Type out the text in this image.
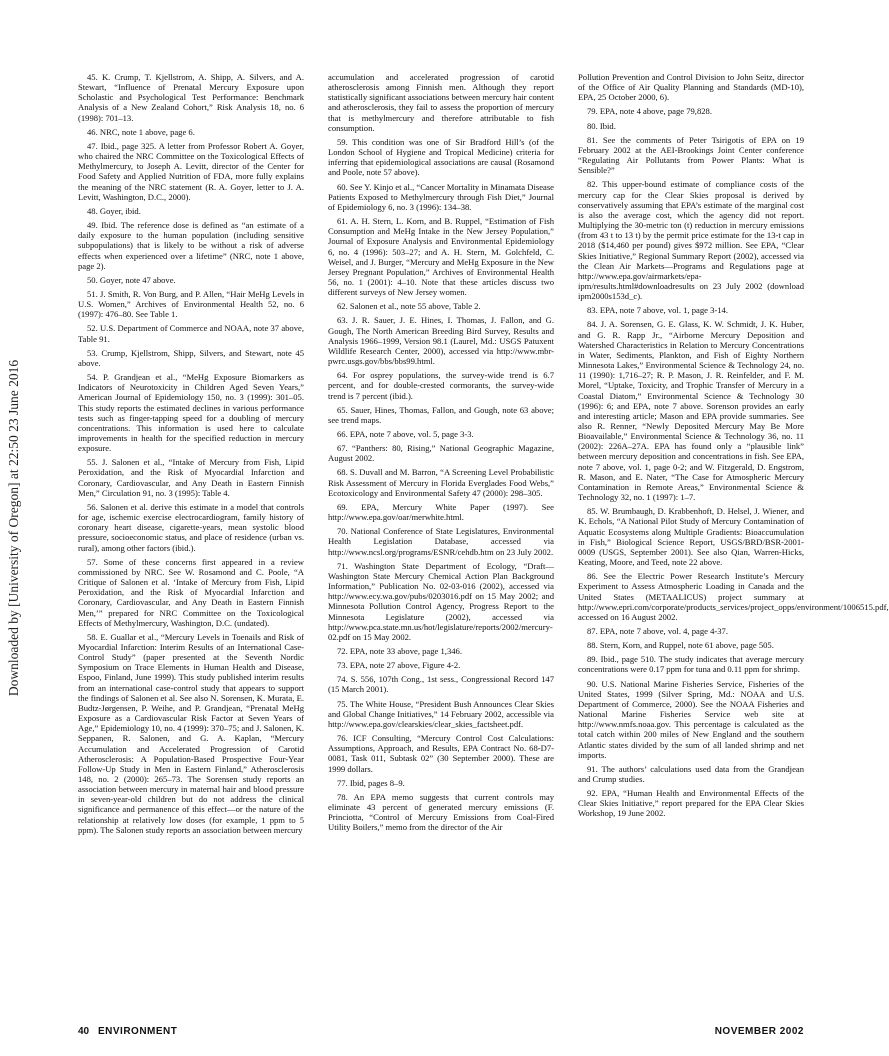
Downloaded by [University of Oregon] at 22:50 23 June 2016

45. K. Crump, T. Kjellstrom, A. Shipp, A. Silvers, and A. Stewart, “Influence of Prenatal Mercury Exposure upon Scholastic and Psychological Test Performance: Benchmark Analysis of a New Zealand Cohort,” Risk Analysis 18, no. 6 (1998): 701–13.

46. NRC, note 1 above, page 6.

47. Ibid., page 325. A letter from Professor Robert A. Goyer, who chaired the NRC Committee on the Toxicological Effects of Methylmercury, to Joseph A. Levitt, director of the Center for Food Safety and Applied Nutrition of FDA, more fully explains the meaning of the NRC statement (R. A. Goyer, letter to J. A. Levitt, Washington, D.C., 2000).

48. Goyer, ibid.

49. Ibid. The reference dose is defined as “an estimate of a daily exposure to the human population (including sensitive subpopulations) that is likely to be without a risk of adverse effects when experienced over a lifetime” (NRC, note 1 above, page 2).

50. Goyer, note 47 above.

51. J. Smith, R. Von Burg, and P. Allen, “Hair MeHg Levels in U.S. Women,” Archives of Environmental Health 52, no. 6 (1997): 476–80. See Table 1.

52. U.S. Department of Commerce and NOAA, note 37 above, Table 91.

53. Crump, Kjellstrom, Shipp, Silvers, and Stewart, note 45 above.

54. P. Grandjean et al., “MeHg Exposure Biomarkers as Indicators of Neurotoxicity in Children Aged Seven Years,” American Journal of Epidemiology 150, no. 3 (1999): 301–05. This study reports the estimated declines in various performance tests such as finger-tapping speed for a doubling of mercury concentrations. This information is used here to calculate improvements in health for the specified reduction in mercury exposure.

55. J. Salonen et al., “Intake of Mercury from Fish, Lipid Peroxidation, and the Risk of Myocardial Infarction and Coronary, Cardiovascular, and Any Death in Eastern Finnish Men,” Circulation 91, no. 3 (1995): Table 4.

56. Salonen et al. derive this estimate in a model that controls for age, ischemic exercise electrocardiogram, family history of coronary heart disease, cigarette-years, mean systolic blood pressure, socioeconomic status, and place of residence (urban vs. rural), among other factors (ibid.).

57. Some of these concerns first appeared in a review commissioned by NRC. See W. Rosamond and C. Poole, “A Critique of Salonen et al. ‘Intake of Mercury from Fish, Lipid Peroxidation, and the Risk of Myocardial Infarction and Coronary, Cardiovascular, and Any Death in Eastern Finnish Men,’” prepared for NRC Committee on the Toxicological Effects of Methylmercury, Washington, D.C. (undated).

58. E. Guallar et al., “Mercury Levels in Toenails and Risk of Myocardial Infarction: Interim Results of an International Case-Control Study” (paper presented at the Seventh Nordic Symposium on Trace Elements in Human Health and Disease, Espoo, Finland, June 1999). This study published interim results from an international case-control study that appears to support the findings of Salonen et al. See also N. Sorensen, K. Murata, E. Budtz-Jørgensen, P. Weihe, and P. Grandjean, “Prenatal MeHg Exposure as a Cardiovascular Risk Factor at Seven Years of Age,” Epidemiology 10, no. 4 (1999): 370–75; and J. Salonen, K. Seppanen, R. Salonen, and G. A. Kaplan, “Mercury Accumulation and Accelerated Progression of Carotid Atherosclerosis: A Population-Based Prospective Four-Year Follow-Up Study in Men in Eastern Finland,” Atherosclerosis 148, no. 2 (2000): 265–73. The Sorensen study reports an association between mercury in maternal hair and blood pressure in seven-year-old children but do not address the clinical significance and permanence of this effect—or the nature of the relationship at relatively low doses (for example, 1 ppm to 5 ppm). The Salonen study reports an association between mercury

accumulation and accelerated progression of carotid atherosclerosis among Finnish men. Although they report statistically significant associations between mercury hair content and atherosclerosis, they fail to assess the proportion of mercury that is methylmercury and therefore attributable to fish consumption.

59. This condition was one of Sir Bradford Hill’s (of the London School of Hygiene and Tropical Medicine) criteria for inferring that epidemiological associations are causal (Rosamond and Poole, note 57 above).

60. See Y. Kinjo et al., “Cancer Mortality in Minamata Disease Patients Exposed to Methylmercury through Fish Diet,” Journal of Epidemiology 6, no. 3 (1996): 134–38.

61. A. H. Stern, L. Korn, and B. Ruppel, “Estimation of Fish Consumption and MeHg Intake in the New Jersey Population,” Journal of Exposure Analysis and Environmental Epidemiology 6, no. 4 (1996): 503–27; and A. H. Stern, M. Golchfeld, C. Weisel, and J. Burger, “Mercury and MeHg Exposure in the New Jersey Pregnant Population,” Archives of Environmental Health 56, no. 1 (2001): 4–10. Note that these articles discuss two different surveys of New Jersey women.

62. Salonen et al., note 55 above, Table 2.

63. J. R. Sauer, J. E. Hines, I. Thomas, J. Fallon, and G. Gough, The North American Breeding Bird Survey, Results and Analysis 1966–1999, Version 98.1 (Laurel, Md.: USGS Patuxent Wildlife Research Center, 2000), accessed via http://www.mbr-pwrc.usgs.gov/bbs/bbs99.html.

64. For osprey populations, the survey-wide trend is 6.7 percent, and for double-crested cormorants, the survey-wide trend is 7 percent (ibid.).

65. Sauer, Hines, Thomas, Fallon, and Gough, note 63 above; see trend maps.

66. EPA, note 7 above, vol. 5, page 3-3.

67. “Panthers: 80, Rising,” National Geographic Magazine, August 2002.

68. S. Duvall and M. Barron, “A Screening Level Probabilistic Risk Assessment of Mercury in Florida Everglades Food Webs,” Ecotoxicology and Environmental Safety 47 (2000): 298–305.

69. EPA, Mercury White Paper (1997). See http://www.epa.gov/oar/merwhite.html.

70. National Conference of State Legislatures, Environmental Health Legislation Database, accessed via http://www.ncsl.org/programs/ESNR/cehdb.htm on 23 July 2002.

71. Washington State Department of Ecology, “Draft—Washington State Mercury Chemical Action Plan Background Information,” Publication No. 02-03-016 (2002), accessed via http://www.ecy.wa.gov/pubs/0203016.pdf on 15 May 2002; and Minnesota Pollution Control Agency, Progress Report to the Minnesota Legislature (2002), accessed via http://www.pca.state.mn.us/hot/legislature/reports/2002/mercury-02.pdf on 15 May 2002.

72. EPA, note 33 above, page 1,346.

73. EPA, note 27 above, Figure 4-2.

74. S. 556, 107th Cong., 1st sess., Congressional Record 147 (15 March 2001).

75. The White House, “President Bush Announces Clear Skies and Global Change Initiatives,” 14 February 2002, accessible via http://www.epa.gov/clearskies/clear_skies_factsheet.pdf.

76. ICF Consulting, “Mercury Control Cost Calculations: Assumptions, Approach, and Results, EPA Contract No. 68-D7-0081, Task 011, Subtask 02” (30 September 2000). These are 1999 dollars.

77. Ibid, pages 8–9.

78. An EPA memo suggests that current controls may eliminate 43 percent of generated mercury emissions (F. Princiotta, “Control of Mercury Emissions from Coal-Fired Utility Boilers,” memo from the director of the Air

Pollution Prevention and Control Division to John Seitz, director of the Office of Air Quality Planning and Standards (MD-10), EPA, 25 October 2000, 6).

79. EPA, note 4 above, page 79,828.

80. Ibid.

81. See the comments of Peter Tsirigotis of EPA on 19 February 2002 at the AEI-Brookings Joint Center conference “Regulating Air Pollutants from Power Plants: What is Sensible?”

82. This upper-bound estimate of compliance costs of the mercury cap for the Clear Skies proposal is derived by conservatively assuming that EPA’s estimate of the marginal cost is also the average cost, which the agency did not report. Multiplying the 30-metric ton (t) reduction in mercury emissions (from 43 t to 13 t) by the permit price estimate for the 13-t cap in 2018 ($14,460 per pound) gives $972 million. See EPA, “Clear Skies Initiative,” Regional Summary Report (2002), accessed via the Clean Air Markets—Programs and Regulations page at http://www.epa.gov/airmarkets/epa-ipm/results.html#downloadresults on 23 July 2002 (download ipm2000s153d_c).

83. EPA, note 7 above, vol. 1, page 3-14.

84. J. A. Sorensen, G. E. Glass, K. W. Schmidt, J. K. Huber, and G. R. Rapp Jr., “Airborne Mercury Deposition and Watershed Characteristics in Relation to Mercury Concentrations in Water, Sediments, Plankton, and Fish of Eighty Northern Minnesota Lakes,” Environmental Science & Technology 24, no. 11 (1990): 1,716–27; R. P. Mason, J. R. Reinfelder, and F. M. Morel, “Uptake, Toxicity, and Trophic Transfer of Mercury in a Coastal Diatom,” Environmental Science & Technology 30 (1996): 6; and EPA, note 7 above. Sorenson provides an early and interesting article; Mason and EPA provide summaries. See also R. Renner, “Newly Deposited Mercury May Be More Bioavailable,” Environmental Science & Technology 36, no. 11 (2002): 226A–27A. EPA has found only a “plausible link” between mercury deposition and concentrations in fish. See EPA, note 7 above, vol. 1, page 0-2; and W. Fitzgerald, D. Engstrom, R. Mason, and E. Nater, “The Case for Atmospheric Mercury Contamination in Remote Areas,” Environmental Science & Technology 32, no. 1 (1997): 1–7.

85. W. Brumbaugh, D. Krabbenhoft, D. Helsel, J. Wiener, and K. Echols, “A National Pilot Study of Mercury Contamination of Aquatic Ecosystems along Multiple Gradients: Bioaccumulation in Fish,” Biological Science Report, USGS/BRD/BSR-2001-0009 (USGS, September 2001). See also Qian, Warren-Hicks, Keating, Moore, and Teed, note 22 above.

86. See the Electric Power Research Institute’s Mercury Experiment to Assess Atmospheric Loading in Canada and the United States (METAALICUS) project summary at http://www.epri.com/corporate/products_services/project_opps/environment/1006515.pdf, accessed on 16 August 2002.

87. EPA, note 7 above, vol. 4, page 4-37.

88. Stern, Korn, and Ruppel, note 61 above, page 505.

89. Ibid., page 510. The study indicates that average mercury concentrations were 0.17 ppm for tuna and 0.11 ppm for shrimp.

90. U.S. National Marine Fisheries Service, Fisheries of the United States, 1999 (Silver Spring, Md.: NOAA and U.S. Department of Commerce, 2000). See the NOAA Fisheries and National Marine Fisheries Service web site at http://www.nmfs.noaa.gov. This percentage is calculated as the total catch within 200 miles of New England and the southern Atlantic states divided by the sum of all landed shrimp and net imports.

91. The authors’ calculations used data from the Grandjean and Crump studies.

92. EPA, “Human Health and Environmental Effects of the Clear Skies Initiative,” report prepared for the EPA Clear Skies Workshop, 19 June 2002.

40 ENVIRONMENT	NOVEMBER 2002
